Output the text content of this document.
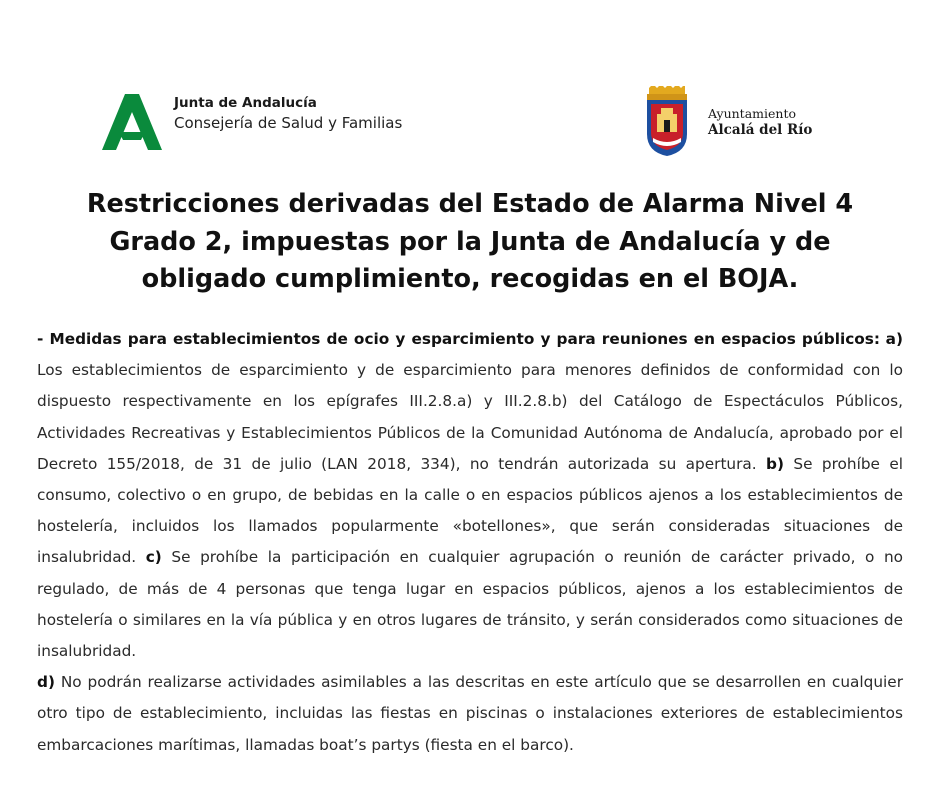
Junta de Andalucía
Consejería de Salud y Familias
Ayuntamiento
Alcalá del Río
Restricciones derivadas del Estado de Alarma Nivel 4 Grado 2, impuestas por la Junta de Andalucía y de obligado cumplimiento, recogidas en el BOJA.

- Medidas para establecimientos de ocio y esparcimiento y para reuniones en espacios públicos: a) Los establecimientos de esparcimiento y de esparcimiento para menores definidos de conformidad con lo dispuesto respectivamente en los epígrafes III.2.8.a) y III.2.8.b) del Catálogo de Espectáculos Públicos, Actividades Recreativas y Establecimientos Públicos de la Comunidad Autónoma de Andalucía, aprobado por el Decreto 155/2018, de 31 de julio (LAN 2018, 334), no tendrán autorizada su apertura. b) Se prohíbe el consumo, colectivo o en grupo, de bebidas en la calle o en espacios públicos ajenos a los establecimientos de hostelería, incluidos los llamados popularmente «botellones», que serán consideradas situaciones de insalubridad. c) Se prohíbe la participación en cualquier agrupación o reunión de carácter privado, o no regulado, de más de 4 personas que tenga lugar en espacios públicos, ajenos a los establecimientos de hostelería o similares en la vía pública y en otros lugares de tránsito, y serán considerados como situaciones de insalubridad.

d) No podrán realizarse actividades asimilables a las descritas en este artículo que se desarrollen en cualquier otro tipo de establecimiento, incluidas las fiestas en piscinas o instalaciones exteriores de establecimientos embarcaciones marítimas, llamadas boat’s partys (fiesta en el barco).
